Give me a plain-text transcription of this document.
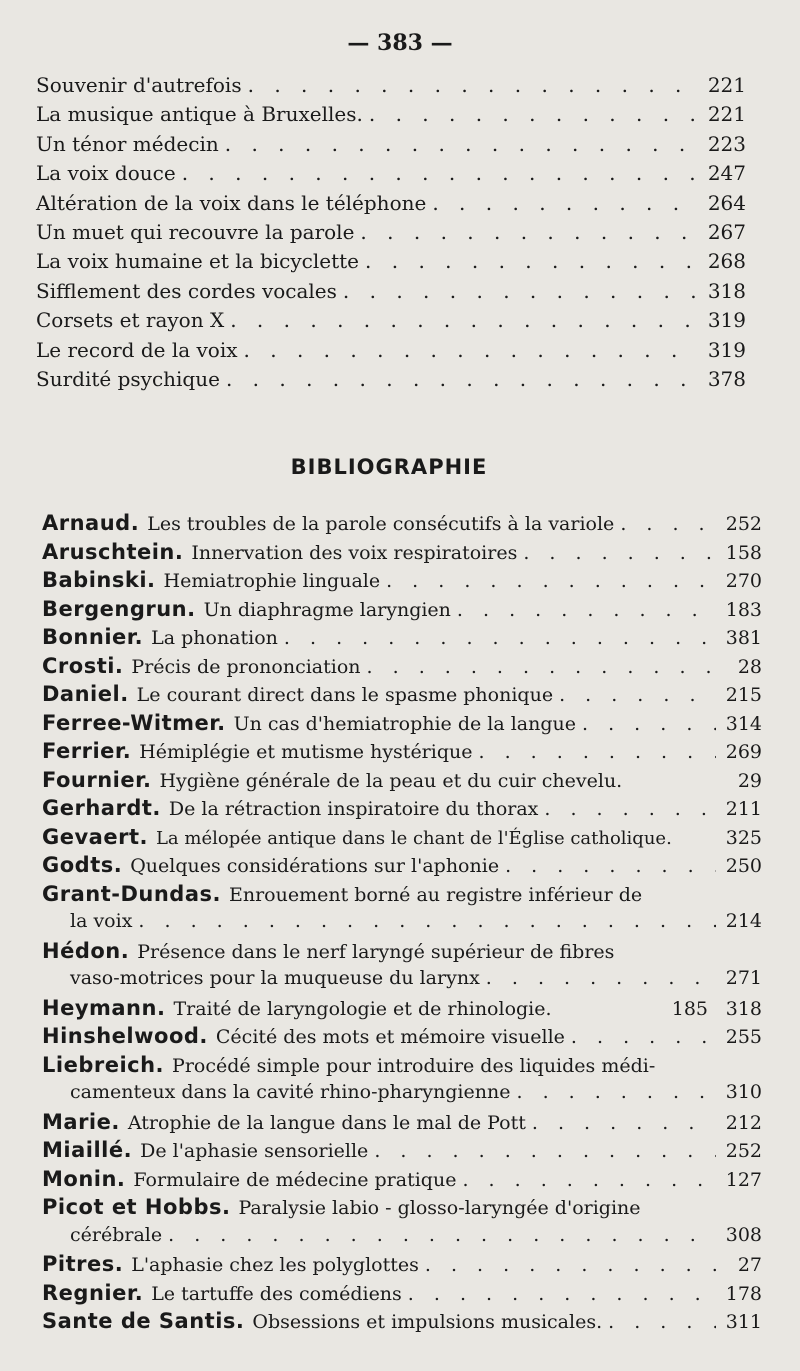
— 383 —
Souvenir d'autrefois . . .	221
La musique antique à Bruxelles. . . .	221
Un ténor médecin . . .	223
La voix douce . . .	247
Altération de la voix dans le téléphone . . .	264
Un muet qui recouvre la parole . . .	267
La voix humaine et la bicyclette . . .	268
Sifflement des cordes vocales . . .	318
Corsets et rayon X . . .	319
Le record de la voix . . .	319
Surdité psychique . . .	378
BIBLIOGRAPHIE
Arnaud. Les troubles de la parole consécutifs à la variole . . .	252
Aruschtein. Innervation des voix respiratoires . . .	158
Babinski. Hemiatrophie linguale . . .	270
Bergengrun. Un diaphragme laryngien . . .	183
Bonnier. La phonation . . .	381
Crosti. Précis de prononciation . . .	28
Daniel. Le courant direct dans le spasme phonique . . .	215
Ferree-Witmer. Un cas d'hemiatrophie de la langue . . .	314
Ferrier. Hémiplégie et mutisme hystérique . . .	269
Fournier. Hygiène générale de la peau et du cuir chevelu.	29
Gerhardt. De la rétraction inspiratoire du thorax . . .	211
Gevaert. La mélopée antique dans le chant de l'Église catholique.	325
Godts. Quelques considérations sur l'aphonie . . .	250
Grant-Dundas. Enrouement borné au registre inférieur de
la voix . . .	214
Hédon. Présence dans le nerf laryngé supérieur de fibres
vaso-motrices pour la muqueuse du larynx . . .	271
Heymann. Traité de laryngologie et de rhinologie.	185 318
Hinshelwood. Cécité des mots et mémoire visuelle . . .	255
Liebreich. Procédé simple pour introduire des liquides médi-
camenteux dans la cavité rhino-pharyngienne . . .	310
Marie. Atrophie de la langue dans le mal de Pott . . .	212
Miaillé. De l'aphasie sensorielle . . .	252
Monin. Formulaire de médecine pratique . . .	127
Picot et Hobbs. Paralysie labio - glosso-laryngée d'origine
cérébrale . . .	308
Pitres. L'aphasie chez les polyglottes . . .	27
Regnier. Le tartuffe des comédiens . . .	178
Sante de Santis. Obsessions et impulsions musicales. . . .	311
